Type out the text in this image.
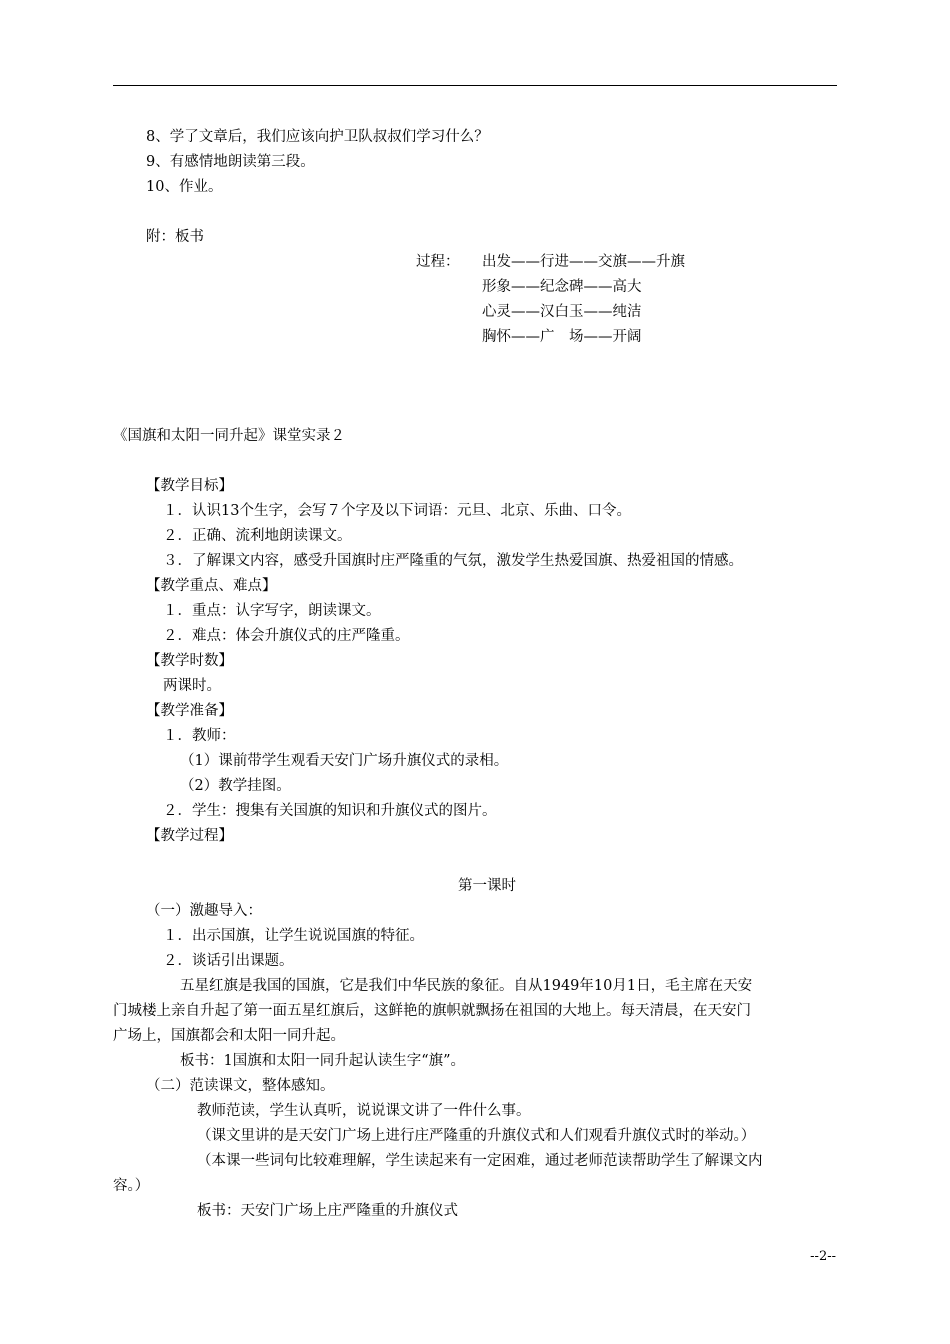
8、学了文章后，我们应该向护卫队叔叔们学习什么？
9、有感情地朗读第三段。
10、作业。
附：板书
过程： 出发——行进——交旗——升旗
形象——纪念碑——高大
心灵——汉白玉——纯洁
胸怀——广　场——开阔
《国旗和太阳一同升起》课堂实录２
【教学目标】
１．认识13个生字，会写７个字及以下词语：元旦、北京、乐曲、口令。
２．正确、流利地朗读课文。
３．了解课文内容，感受升国旗时庄严隆重的气氛，激发学生热爱国旗、热爱祖国的情感。
【教学重点、难点】
１．重点：认字写字，朗读课文。
２．难点：体会升旗仪式的庄严隆重。
【教学时数】
两课时。
【教学准备】
１．教师：
（1）课前带学生观看天安门广场升旗仪式的录相。
（2）教学挂图。
２．学生：搜集有关国旗的知识和升旗仪式的图片。
【教学过程】
第一课时
（一）激趣导入：
１．出示国旗，让学生说说国旗的特征。
２．谈话引出课题。
五星红旗是我国的国旗，它是我们中华民族的象征。自从1949年10月1日，毛主席在天安
门城楼上亲自升起了第一面五星红旗后，这鲜艳的旗帜就飘扬在祖国的大地上。每天清晨，在天安门
广场上，国旗都会和太阳一同升起。
板书：1国旗和太阳一同升起认读生字“旗”。
（二）范读课文，整体感知。
教师范读，学生认真听，说说课文讲了一件什么事。
（课文里讲的是天安门广场上进行庄严隆重的升旗仪式和人们观看升旗仪式时的举动。）
（本课一些词句比较难理解，学生读起来有一定困难，通过老师范读帮助学生了解课文内
容。）
板书：天安门广场上庄严隆重的升旗仪式
--2--
